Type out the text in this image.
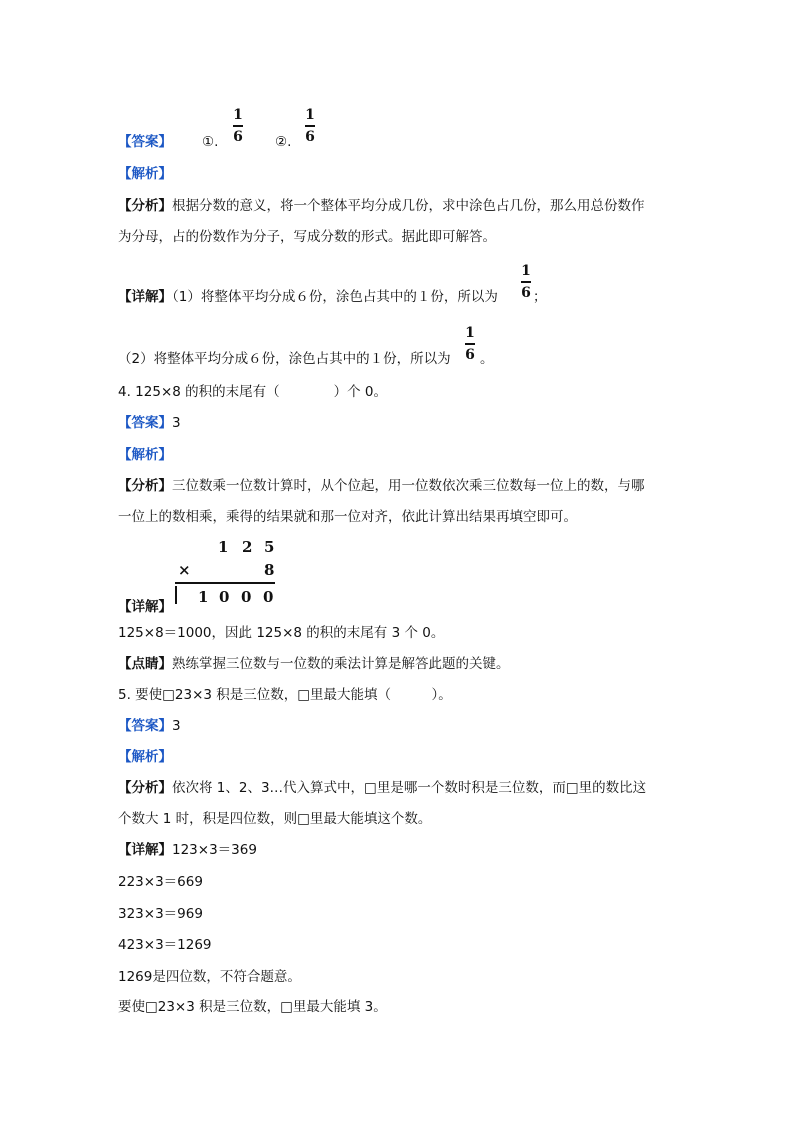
【答案】 ①.
1
6 ②.
1
6
【解析】
【分析】根据分数的意义，将一个整体平均分成几份，求中涂色占几份，那么用总份数作
为分母，占的份数作为分子，写成分数的形式。据此即可解答。
【详解】（1）将整体平均分成６份，涂色占其中的１份，所以为
1
6 ；
（2）将整体平均分成６份，涂色占其中的１份，所以为
1
6 。
4. 125×8 的积的末尾有（　　　　）个 0。
【答案】3
【解析】
【分析】三位数乘一位数计算时，从个位起，用一位数依次乘三位数每一位上的数，与哪
一位上的数相乘，乘得的结果就和那一位对齐，依此计算出结果再填空即可。
1 2 5
×	8
1 0 0 0
【详解】
125×8＝1000，因此 125×8 的积的末尾有 3 个 0。
【点睛】熟练掌握三位数与一位数的乘法计算是解答此题的关键。
5. 要使□23×3 积是三位数，□里最大能填（　　　）。
【答案】3
【解析】
【分析】依次将 1、2、3…代入算式中，□里是哪一个数时积是三位数，而□里的数比这
个数大 1 时，积是四位数，则□里最大能填这个数。
【详解】123×3＝369
223×3＝669
323×3＝969
423×3＝1269
1269是四位数，不符合题意。
要使□23×3 积是三位数，□里最大能填 3。
